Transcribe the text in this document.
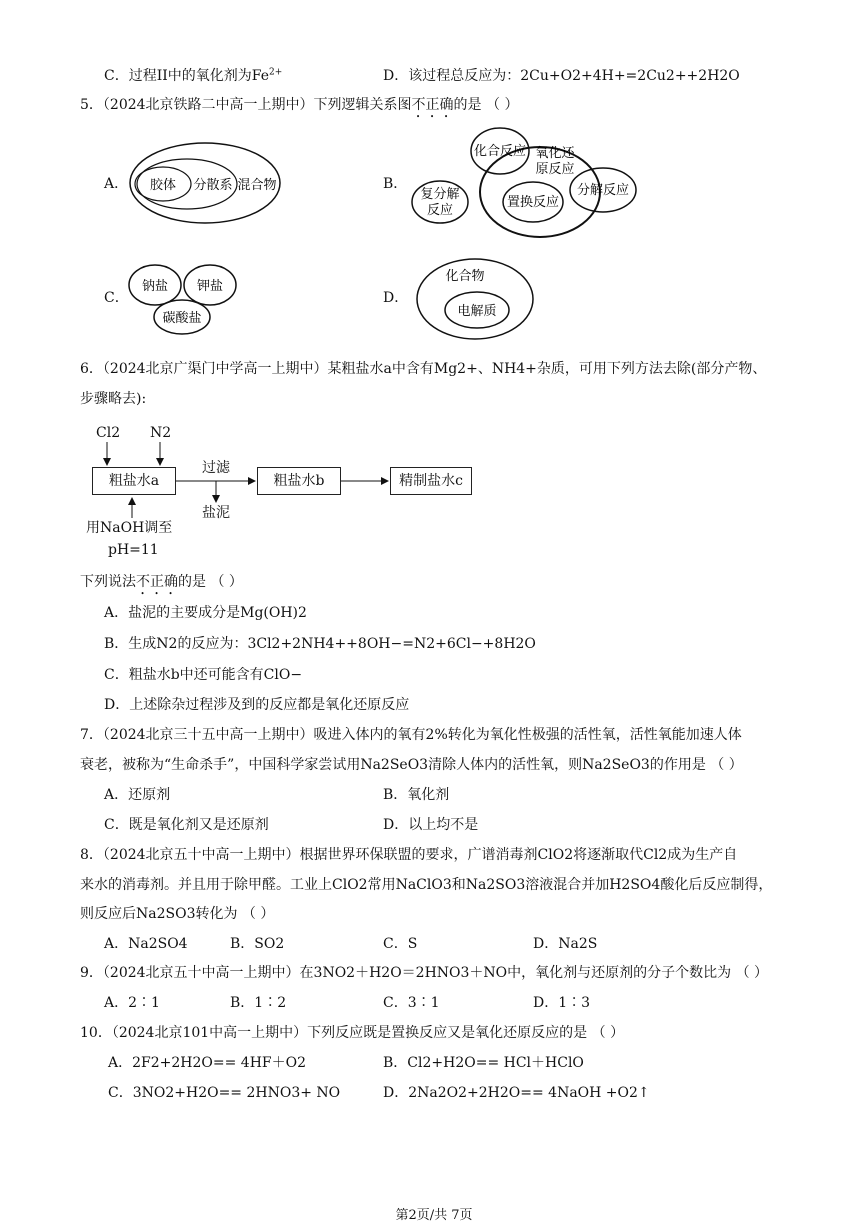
C．过程II中的氧化剂为$Fe^{2+}$	D．该过程总反应为：2Cu+O2+4H+=2Cu2++2H2O
5．（2024北京铁路二中高一上期中）下列逻辑关系图不正确的是 （ ）
A． 胶体 分散系 混合物	B．
化合反应 氧化还
原反应
复分解
反应
置换反应
分解反应
C．
钠盐 钾盐
碳酸盐
D．
化合物
电解质
6．（2024北京广渠门中学高一上期中）某粗盐水a中含有Mg2+、NH4+杂质，可用下列方法去除(部分产物、
步骤略去):
Cl2 N2
粗盐水a	粗盐水b	精制盐水c
过滤
盐泥
用NaOH调至
pH=11
下列说法不正确的是 （ ）
A．盐泥的主要成分是Mg(OH)2
B．生成N2的反应为：3Cl2+2NH4++8OH−=N2+6Cl−+8H2O
C．粗盐水b中还可能含有ClO−
D．上述除杂过程涉及到的反应都是氧化还原反应
7．（2024北京三十五中高一上期中）吸进入体内的氧有2%转化为氧化性极强的活性氧，活性氧能加速人体
衰老，被称为“生命杀手”，中国科学家尝试用Na2SeO3清除人体内的活性氧，则Na2SeO3的作用是 （ ）
A．还原剂	B．氧化剂
C．既是氧化剂又是还原剂	D．以上均不是
8．（2024北京五十中高一上期中）根据世界环保联盟的要求，广谱消毒剂ClO2将逐渐取代Cl2成为生产自
来水的消毒剂。并且用于除甲醛。工业上ClO2常用NaClO3和Na2SO3溶液混合并加H2SO4酸化后反应制得，
则反应后Na2SO3转化为 （ ）
A．Na2SO4	B．SO2	C．S	D．Na2S
9．（2024北京五十中高一上期中）在3NO2＋H2O＝2HNO3＋NO中，氧化剂与还原剂的分子个数比为 （ ）
A．2∶1	B．1∶2	C．3∶1	D．1∶3
10．（2024北京101中高一上期中）下列反应既是置换反应又是氧化还原反应的是 （ ）
A．2F2+2H2O== 4HF＋O2	B．Cl2+H2O== HCl＋HClO
C．3NO2+H2O== 2HNO3+ NO	D．2Na2O2+2H2O== 4NaOH +O2↑
第2页/共 7页
